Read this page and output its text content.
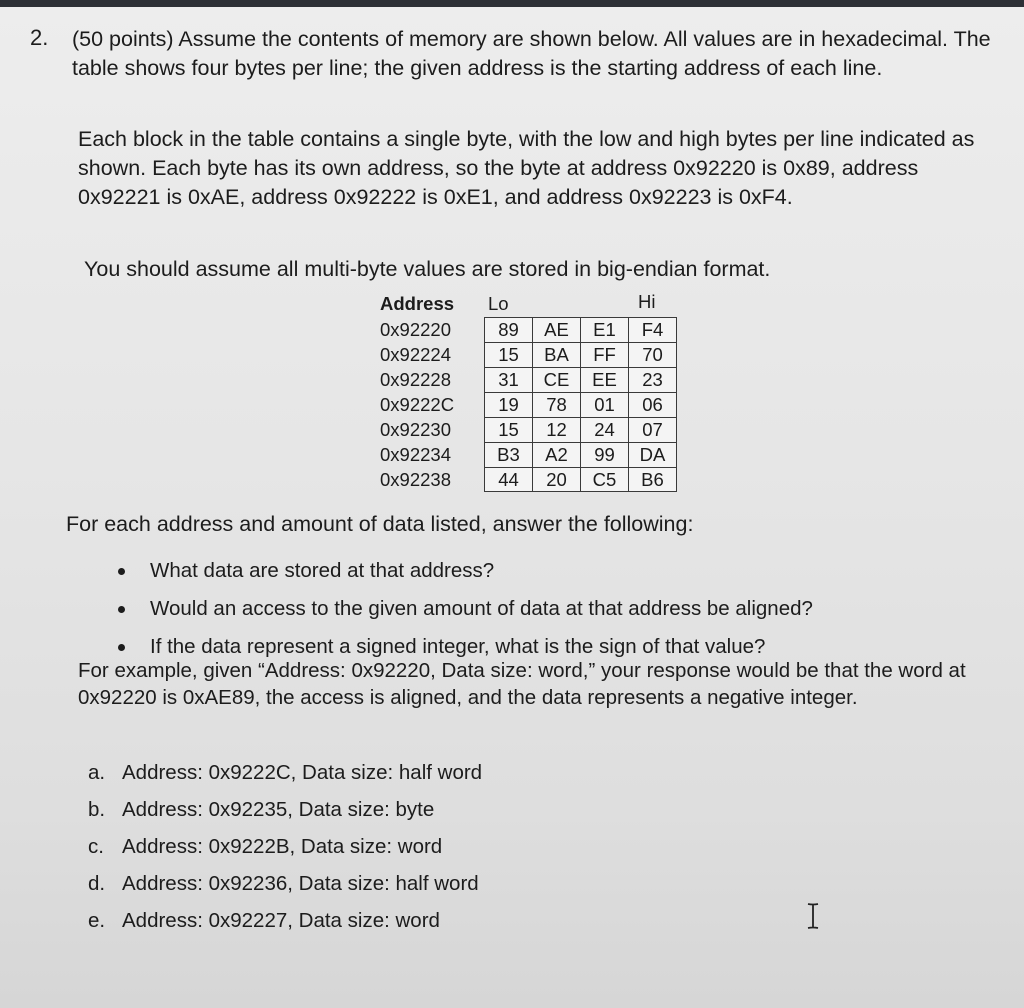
2. (50 points) Assume the contents of memory are shown below. All values are in hexadecimal. The table shows four bytes per line; the given address is the starting address of each line.
Each block in the table contains a single byte, with the low and high bytes per line indicated as shown. Each byte has its own address, so the byte at address 0x92220 is 0x89, address 0x92221 is 0xAE, address 0x92222 is 0xE1, and address 0x92223 is 0xF4.
You should assume all multi-byte values are stored in big-endian format.
Address Lo	Hi
0x92220	89	AE	E1	F4
0x92224	15	BA	FF	70
0x92228	31	CE	EE	23
0x9222C	19	78	01	06
0x92230	15	12	24	07
0x92234	B3	A2	99	DA
0x92238	44	20	C5	B6
For each address and amount of data listed, answer the following:
What data are stored at that address?
Would an access to the given amount of data at that address be aligned?
If the data represent a signed integer, what is the sign of that value?
For example, given “Address: 0x92220, Data size: word,” your response would be that the word at 0x92220 is 0xAE89, the access is aligned, and the data represents a negative integer.
a. Address: 0x9222C, Data size: half word
b. Address: 0x92235, Data size: byte
c. Address: 0x9222B, Data size: word
d. Address: 0x92236, Data size: half word
e. Address: 0x92227, Data size: word
